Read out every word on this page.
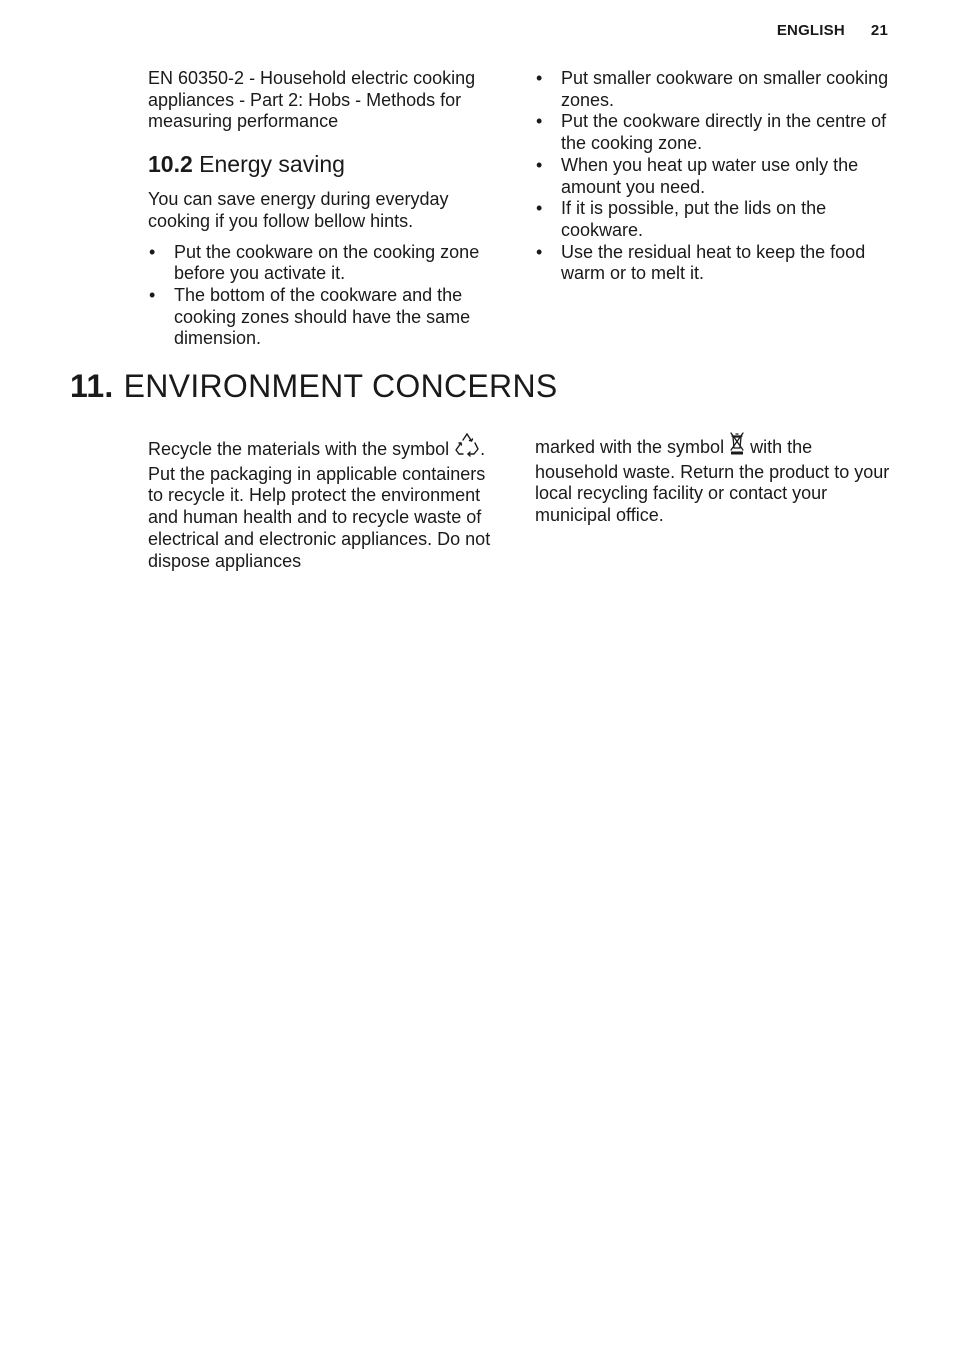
ENGLISH 21

EN 60350-2 - Household electric cooking appliances - Part 2: Hobs - Methods for measuring performance

10.2 Energy saving

You can save energy during everyday cooking if you follow bellow hints.

• Put the cookware on the cooking zone before you activate it.
• The bottom of the cookware and the cooking zones should have the same dimension.
• Put smaller cookware on smaller cooking zones.
• Put the cookware directly in the centre of the cooking zone.
• When you heat up water use only the amount you need.
• If it is possible, put the lids on the cookware.
• Use the residual heat to keep the food warm or to melt it.
11. ENVIRONMENT CONCERNS

Recycle the materials with the symbol . Put the packaging in applicable containers to recycle it. Help protect the environment and human health and to recycle waste of electrical and electronic appliances. Do not dispose appliances

marked with the symbol  with the household waste. Return the product to your local recycling facility or contact your municipal office.
